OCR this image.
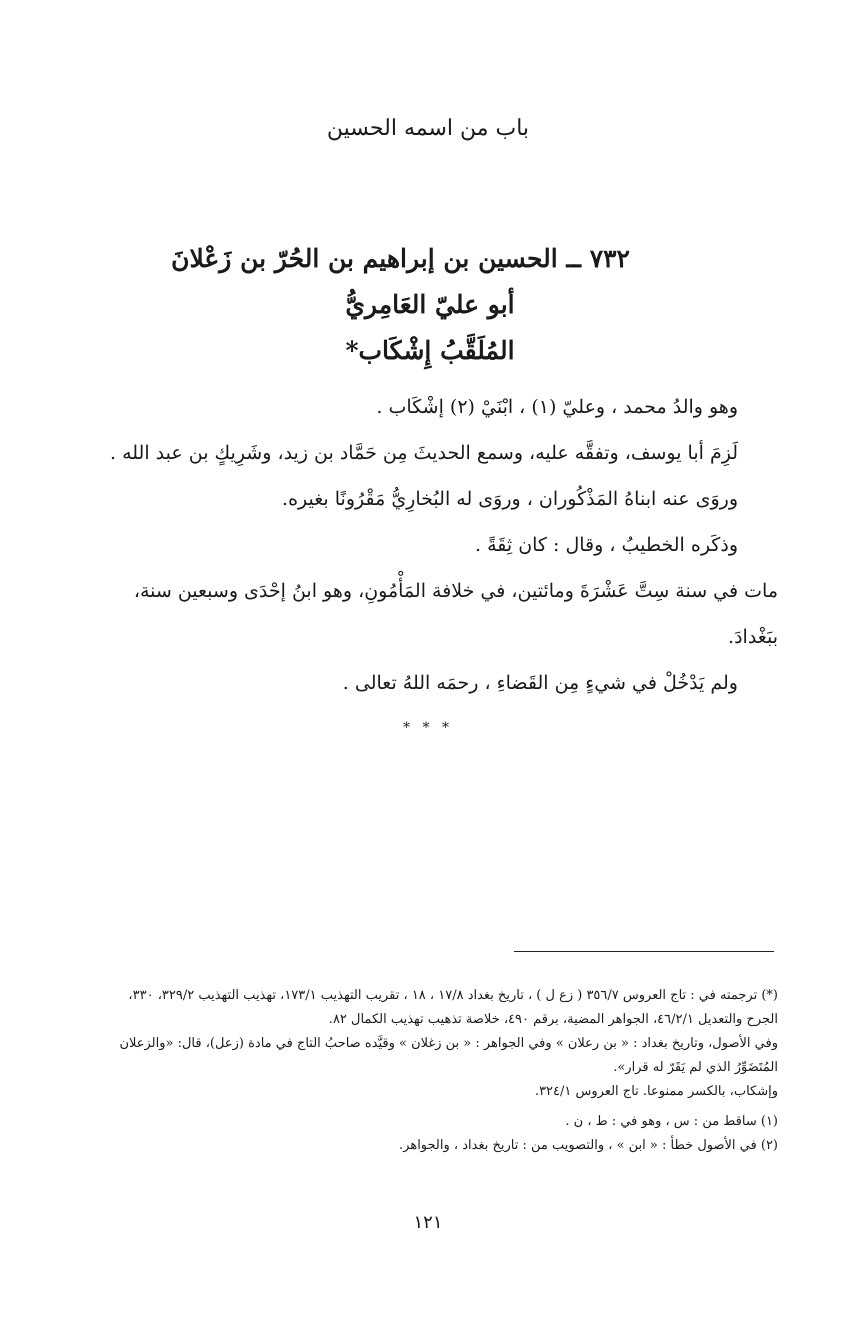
باب من اسمه الحسين
٧٣٢ ــ الحسين بن إبراهيم بن الحُرّ بن زَعْلانَ
أبو عليّ العَامِريُّ
المُلَقَّبُ إِشْكَاب*

وهو والدُ محمد ، وعليّ (١) ، ابْنَيْ (٢) إشْكَاب .

لَزِمَ أبا يوسف، وتفقَّه عليه، وسمع الحديثَ مِن حَمَّاد بن زيد، وشَرِيكٍ بن عبد الله .

وروَى عنه ابناهُ المَذْكُوران ، وروَى له البُخارِيُّ مَقْرُونًا بغيره.

وذكَره الخطيبُ ، وقال : كان ثِقَةً .

مات في سنة سِتَّ عَشْرَةَ ومائتين، في خلافة المَأْمُونِ، وهو ابنُ إحْدَى وسبعين سنة، ببَغْدادَ.

ولم يَدْخُلْ في شيءٍ مِن القَضاءِ ، رحمَه اللهُ تعالى .

* * *

(*) ترجمته في : تاج العروس ٣٥٦/٧ ( زع ل ) ، تاريخ بغداد ١٧/٨ ، ١٨ ، تقريب التهذيب ١٧٣/١، تهذيب التهذيب ٣٢٩/٢، ٣٣٠، الجرح والتعديل ٤٦/٢/١، الجواهر المضية، برقم ٤٩٠، خلاصة تذهيب تهذيب الكمال ٨٢.

وفي الأصول، وتاريخ بغداد : « بن رعلان » وفي الجواهر : « بن زغلان » وقيَّده صاحبُ التاج في مادة (زعل)، قال: «والزعلان المُتَضَوِّرُ الذي لم يَقَرّ له قرار».

وإشكاب، بالكسر ممنوعا. تاج العروس ٣٢٤/١.

(١) ساقط من : س ، وهو في : ط ، ن .

(٢) في الأصول خطأ : « ابن » ، والتصويب من : تاريخ بغداد ، والجواهر.

١٢١
